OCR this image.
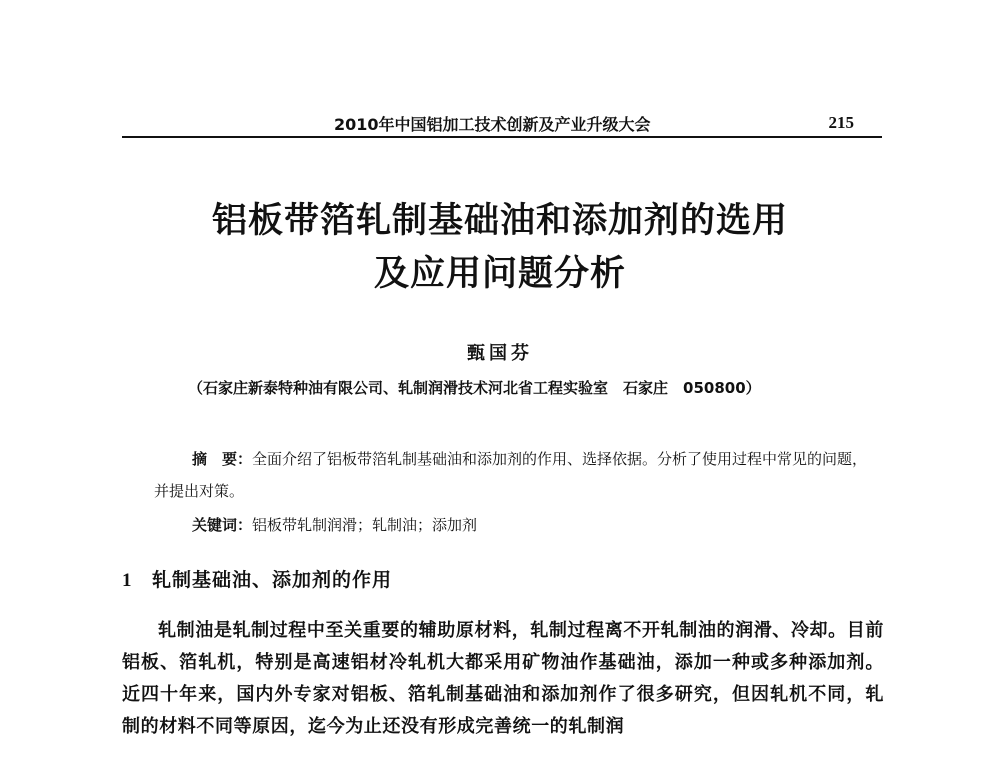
2010年中国铝加工技术创新及产业升级大会	215
铝板带箔轧制基础油和添加剂的选用
及应用问题分析
甄国芬
（石家庄新泰特种油有限公司、轧制润滑技术河北省工程实验室　石家庄　050800）
摘　要：全面介绍了铝板带箔轧制基础油和添加剂的作用、选择依据。分析了使用过程中常见的问题，并提出对策。
关键词：铝板带轧制润滑；轧制油；添加剂
1 轧制基础油、添加剂的作用

轧制油是轧制过程中至关重要的辅助原材料，轧制过程离不开轧制油的润滑、冷却。目前铝板、箔轧机，特别是高速铝材冷轧机大都采用矿物油作基础油，添加一种或多种添加剂。近四十年来，国内外专家对铝板、箔轧制基础油和添加剂作了很多研究，但因轧机不同，轧制的材料不同等原因，迄今为止还没有形成完善统一的轧制润
